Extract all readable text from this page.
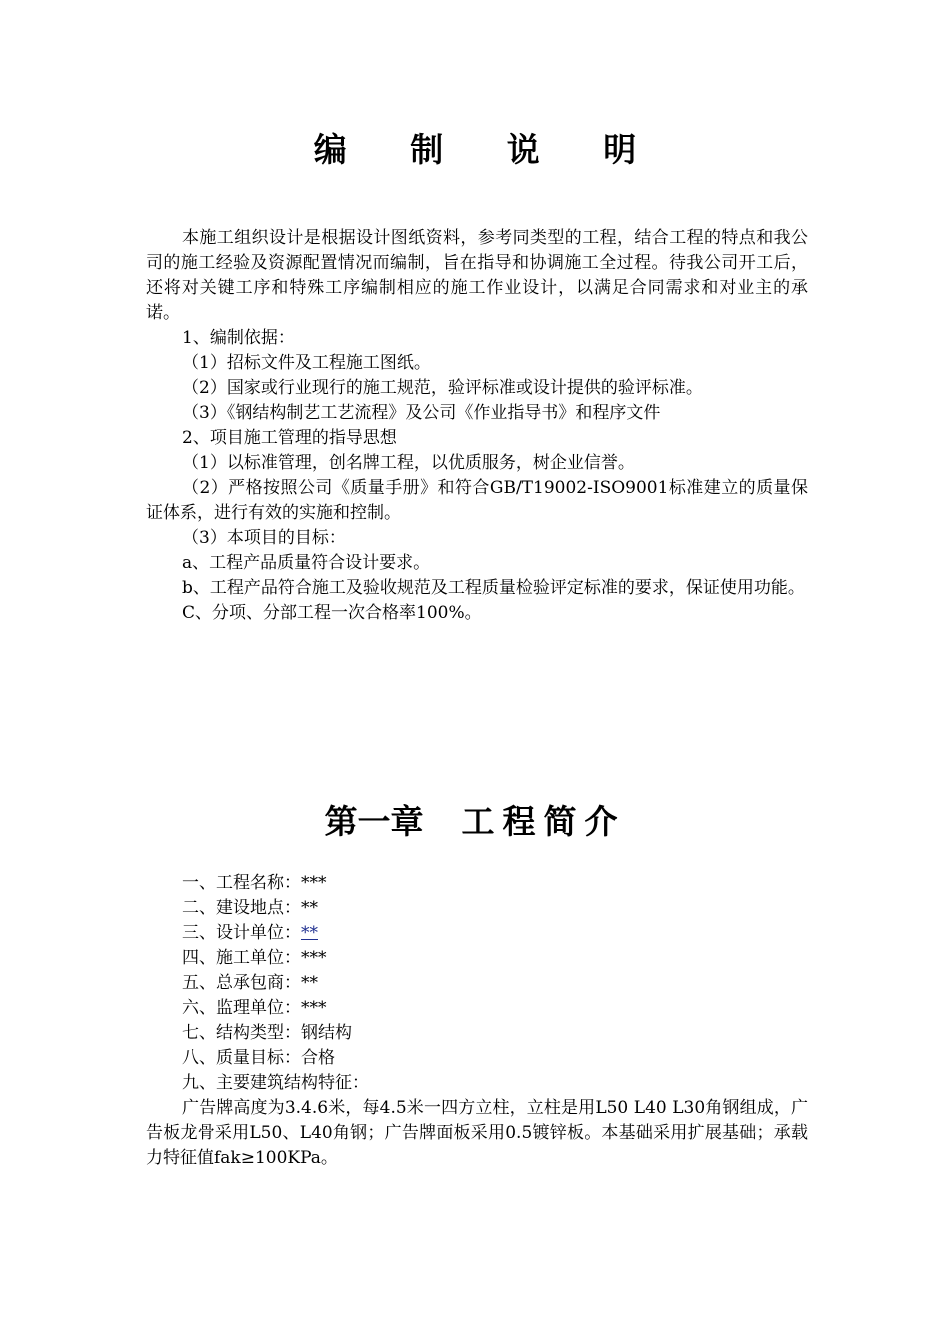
编 制 说 明

本施工组织设计是根据设计图纸资料，参考同类型的工程，结合工程的特点和我公司的施工经验及资源配置情况而编制，旨在指导和协调施工全过程。待我公司开工后，还将对关键工序和特殊工序编制相应的施工作业设计，以满足合同需求和对业主的承诺。

1、编制依据：

（1）招标文件及工程施工图纸。

（2）国家或行业现行的施工规范，验评标准或设计提供的验评标准。

（3）《钢结构制艺工艺流程》及公司《作业指导书》和程序文件

2、项目施工管理的指导思想

（1）以标准管理，创名牌工程，以优质服务，树企业信誉。

（2）严格按照公司《质量手册》和符合GB/T19002-ISO9001标准建立的质量保证体系，进行有效的实施和控制。

（3）本项目的目标：

a、工程产品质量符合设计要求。

b、工程产品符合施工及验收规范及工程质量检验评定标准的要求，保证使用功能。

C、分项、分部工程一次合格率100%。

第一章 工程简介

一、工程名称：***

二、建设地点：**

三、设计单位：**

四、施工单位：***

五、总承包商：**

六、监理单位：***

七、结构类型：钢结构

八、质量目标：合格

九、主要建筑结构特征：

广告牌高度为3.4.6米，每4.5米一四方立柱，立柱是用L50 L40 L30角钢组成，广告板龙骨采用L50、L40角钢；广告牌面板采用0.5镀锌板。本基础采用扩展基础；承载力特征值fak≥100KPa。
